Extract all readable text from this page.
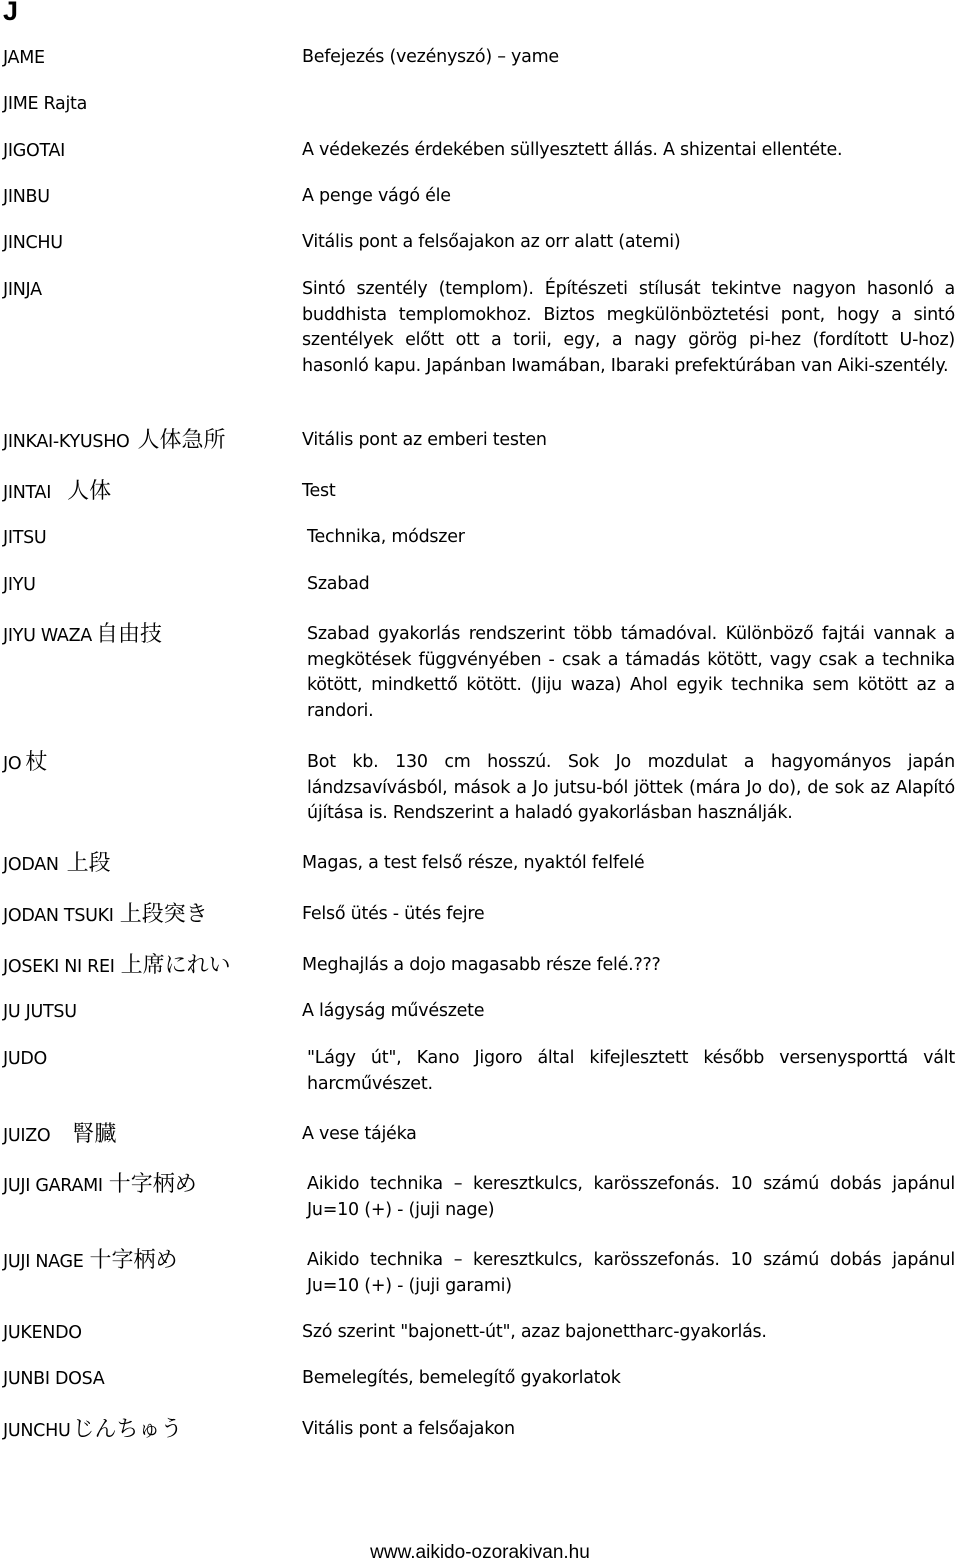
J
JAME	Befejezés (vezényszó) – yame
JIME Rajta
JIGOTAI	A védekezés érdekében süllyesztett állás. A shizentai ellentéte.
JINBU	A penge vágó éle
JINCHU	Vitális pont a felsőajakon az orr alatt (atemi)
JINJA	Sintó szentély (templom). Építészeti stílusát tekintve nagyon hasonló a buddhista templomokhoz. Biztos megkülönböztetési pont, hogy a sintó szentélyek előtt ott a torii, egy, a nagy görög pi-hez (fordított U-hoz) hasonló kapu. Japánban Iwamában, Ibaraki prefektúrában van Aiki-szentély.
JINKAI-KYUSHO 人体急所	Vitális pont az emberi testen
JINTAI 人体	Test
JITSU	Technika, módszer
JIYU	Szabad
JIYU WAZA 自由技	Szabad gyakorlás rendszerint több támadóval. Különböző fajtái vannak a megkötések függvényében - csak a támadás kötött, vagy csak a technika kötött, mindkettő kötött. (Jiju waza) Ahol egyik technika sem kötött az a randori.
JO 杖	Bot kb. 130 cm hosszú. Sok Jo mozdulat a hagyományos japán lándzsavívásból, mások a Jo jutsu-ból jöttek (mára Jo do), de sok az Alapító újítása is. Rendszerint a haladó gyakorlásban használják.
JODAN 上段	Magas, a test felső része, nyaktól felfelé
JODAN TSUKI 上段突き	Felső ütés - ütés fejre
JOSEKI NI REI 上席にれい	Meghajlás a dojo magasabb része felé.???
JU JUTSU	A lágyság művészete
JUDO	"Lágy út", Kano Jigoro által kifejlesztett később versenysporttá vált harcművészet.
JUIZO 腎臓	A vese tájéka
JUJI GARAMI 十字柄め	Aikido technika – keresztkulcs, karösszefonás. 10 számú dobás japánul Ju=10 (+) - (juji nage)
JUJI NAGE 十字柄め	Aikido technika – keresztkulcs, karösszefonás. 10 számú dobás japánul Ju=10 (+) - (juji garami)
JUKENDO	Szó szerint "bajonett-út", azaz bajonettharc-gyakorlás.
JUNBI DOSA	Bemelegítés, bemelegítő gyakorlatok
JUNCHUじんちゅう	Vitális pont a felsőajakon
www.aikido-ozorakivan.hu
